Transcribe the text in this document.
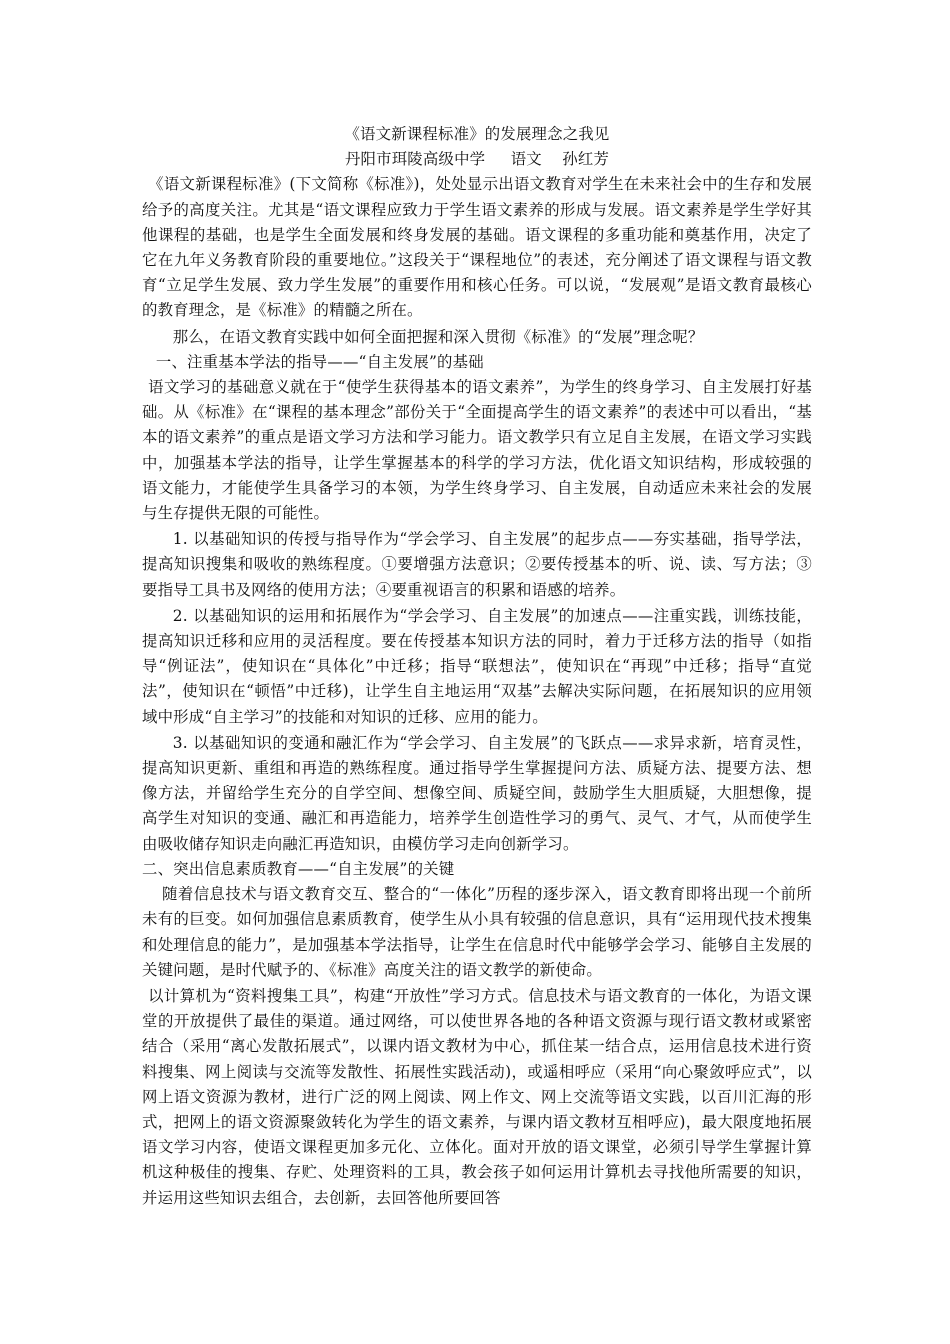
《语文新课程标准》的发展理念之我见

丹阳市珥陵高级中学     语文    孙红芳

《语文新课程标准》(下文简称《标准》)，处处显示出语文教育对学生在未来社会中的生存和发展给予的高度关注。尤其是“语文课程应致力于学生语文素养的形成与发展。语文素养是学生学好其他课程的基础，也是学生全面发展和终身发展的基础。语文课程的多重功能和奠基作用，决定了它在九年义务教育阶段的重要地位。”这段关于“课程地位”的表述，充分阐述了语文课程与语文教育“立足学生发展、致力学生发展”的重要作用和核心任务。可以说，“发展观”是语文教育最核心的教育理念，是《标准》的精髓之所在。

那么，在语文教育实践中如何全面把握和深入贯彻《标准》的“发展”理念呢？

一、注重基本学法的指导——“自主发展”的基础

语文学习的基础意义就在于“使学生获得基本的语文素养”，为学生的终身学习、自主发展打好基础。从《标准》在“课程的基本理念”部份关于“全面提高学生的语文素养”的表述中可以看出，“基本的语文素养”的重点是语文学习方法和学习能力。语文教学只有立足自主发展，在语文学习实践中，加强基本学法的指导，让学生掌握基本的科学的学习方法，优化语文知识结构，形成较强的语文能力，才能使学生具备学习的本领，为学生终身学习、自主发展，自动适应未来社会的发展与生存提供无限的可能性。

1. 以基础知识的传授与指导作为“学会学习、自主发展”的起步点——夯实基础，指导学法，提高知识搜集和吸收的熟练程度。①要增强方法意识；②要传授基本的听、说、读、写方法；③要指导工具书及网络的使用方法；④要重视语言的积累和语感的培养。

2. 以基础知识的运用和拓展作为“学会学习、自主发展”的加速点——注重实践，训练技能，提高知识迁移和应用的灵活程度。要在传授基本知识方法的同时，着力于迁移方法的指导（如指导“例证法”，使知识在“具体化”中迁移；指导“联想法”，使知识在“再现”中迁移；指导“直觉法”，使知识在“顿悟”中迁移)，让学生自主地运用“双基”去解决实际问题，在拓展知识的应用领域中形成“自主学习”的技能和对知识的迁移、应用的能力。

3. 以基础知识的变通和融汇作为“学会学习、自主发展”的飞跃点——求异求新，培育灵性，提高知识更新、重组和再造的熟练程度。通过指导学生掌握提问方法、质疑方法、提要方法、想像方法，并留给学生充分的自学空间、想像空间、质疑空间，鼓励学生大胆质疑，大胆想像，提高学生对知识的变通、融汇和再造能力，培养学生创造性学习的勇气、灵气、才气，从而使学生由吸收储存知识走向融汇再造知识，由模仿学习走向创新学习。

二、突出信息素质教育——“自主发展”的关键

随着信息技术与语文教育交互、整合的“一体化”历程的逐步深入，语文教育即将出现一个前所未有的巨变。如何加强信息素质教育，使学生从小具有较强的信息意识，具有“运用现代技术搜集和处理信息的能力”，是加强基本学法指导，让学生在信息时代中能够学会学习、能够自主发展的关键问题，是时代赋予的、《标准》高度关注的语文教学的新使命。

以计算机为“资料搜集工具”，构建“开放性”学习方式。信息技术与语文教育的一体化，为语文课堂的开放提供了最佳的渠道。通过网络，可以使世界各地的各种语文资源与现行语文教材或紧密结合（采用“离心发散拓展式”，以课内语文教材为中心，抓住某一结合点，运用信息技术进行资料搜集、网上阅读与交流等发散性、拓展性实践活动)，或遥相呼应（采用“向心聚敛呼应式”，以网上语文资源为教材，进行广泛的网上阅读、网上作文、网上交流等语文实践，以百川汇海的形式，把网上的语文资源聚敛转化为学生的语文素养，与课内语文教材互相呼应)，最大限度地拓展语文学习内容，使语文课程更加多元化、立体化。面对开放的语文课堂，必须引导学生掌握计算机这种极佳的搜集、存贮、处理资料的工具，教会孩子如何运用计算机去寻找他所需要的知识，并运用这些知识去组合，去创新，去回答他所要回答
